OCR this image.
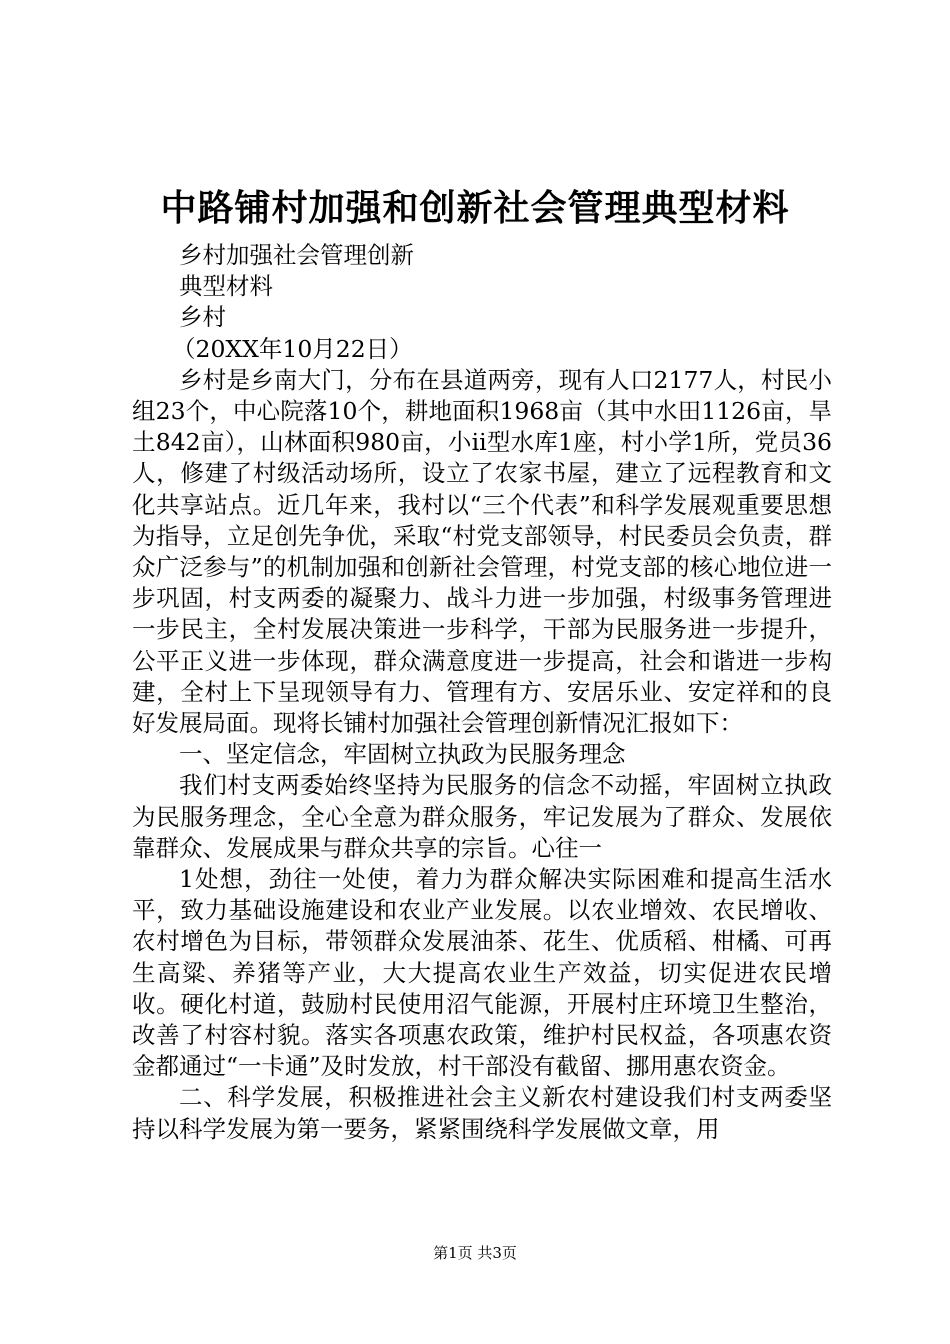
中路铺村加强和创新社会管理典型材料

乡村加强社会管理创新

典型材料

乡村

（20XX年10月22日）

乡村是乡南大门，分布在县道两旁，现有人口2177人，村民小组23个，中心院落10个，耕地面积1968亩（其中水田1126亩，旱土842亩），山林面积980亩，小ii型水库1座，村小学1所，党员36人，修建了村级活动场所，设立了农家书屋，建立了远程教育和文化共享站点。近几年来，我村以“三个代表”和科学发展观重要思想为指导，立足创先争优，采取“村党支部领导，村民委员会负责，群众广泛参与”的机制加强和创新社会管理，村党支部的核心地位进一步巩固，村支两委的凝聚力、战斗力进一步加强，村级事务管理进一步民主，全村发展决策进一步科学，干部为民服务进一步提升，公平正义进一步体现，群众满意度进一步提高，社会和谐进一步构建，全村上下呈现领导有力、管理有方、安居乐业、安定祥和的良好发展局面。现将长铺村加强社会管理创新情况汇报如下：

一、坚定信念，牢固树立执政为民服务理念

我们村支两委始终坚持为民服务的信念不动摇，牢固树立执政为民服务理念，全心全意为群众服务，牢记发展为了群众、发展依靠群众、发展成果与群众共享的宗旨。心往一

1处想，劲往一处使，着力为群众解决实际困难和提高生活水平，致力基础设施建设和农业产业发展。以农业增效、农民增收、农村增色为目标，带领群众发展油茶、花生、优质稻、柑橘、可再生高粱、养猪等产业，大大提高农业生产效益，切实促进农民增收。硬化村道，鼓励村民使用沼气能源，开展村庄环境卫生整治，改善了村容村貌。落实各项惠农政策，维护村民权益，各项惠农资金都通过“一卡通”及时发放，村干部没有截留、挪用惠农资金。

二、科学发展，积极推进社会主义新农村建设我们村支两委坚持以科学发展为第一要务，紧紧围绕科学发展做文章，用

第1页 共3页
